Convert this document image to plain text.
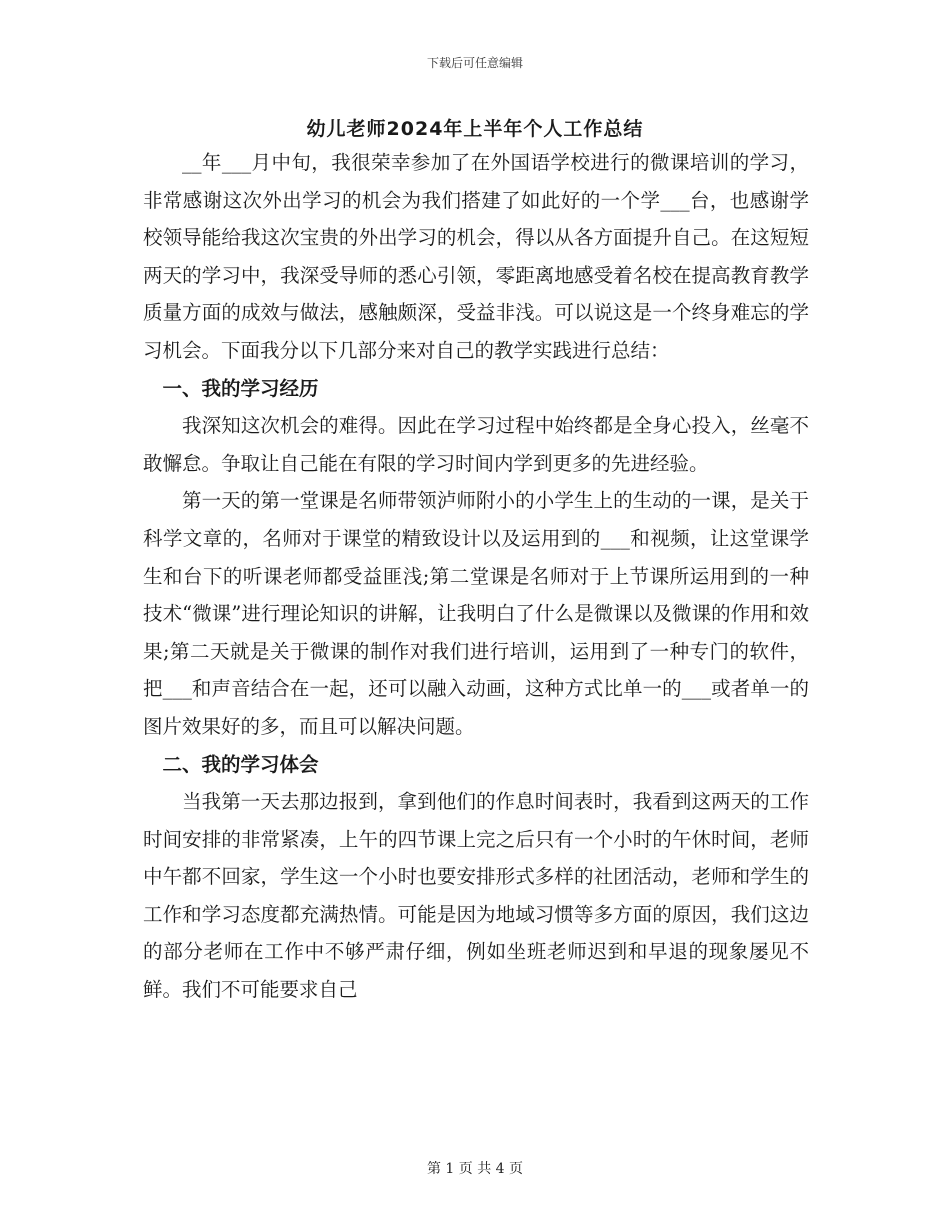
下载后可任意编辑
幼儿老师2024年上半年个人工作总结

__年___月中旬，我很荣幸参加了在外国语学校进行的微课培训的学习，非常感谢这次外出学习的机会为我们搭建了如此好的一个学___台，也感谢学校领导能给我这次宝贵的外出学习的机会，得以从各方面提升自己。在这短短两天的学习中，我深受导师的悉心引领，零距离地感受着名校在提高教育教学质量方面的成效与做法，感触颇深，受益非浅。可以说这是一个终身难忘的学习机会。下面我分以下几部分来对自己的教学实践进行总结：

一、我的学习经历

我深知这次机会的难得。因此在学习过程中始终都是全身心投入，丝毫不敢懈怠。争取让自己能在有限的学习时间内学到更多的先进经验。

第一天的第一堂课是名师带领泸师附小的小学生上的生动的一课，是关于科学文章的，名师对于课堂的精致设计以及运用到的___和视频，让这堂课学生和台下的听课老师都受益匪浅;第二堂课是名师对于上节课所运用到的一种技术“微课”进行理论知识的讲解，让我明白了什么是微课以及微课的作用和效果;第二天就是关于微课的制作对我们进行培训，运用到了一种专门的软件，把___和声音结合在一起，还可以融入动画，这种方式比单一的___或者单一的图片效果好的多，而且可以解决问题。

二、我的学习体会

当我第一天去那边报到，拿到他们的作息时间表时，我看到这两天的工作时间安排的非常紧凑，上午的四节课上完之后只有一个小时的午休时间，老师中午都不回家，学生这一个小时也要安排形式多样的社团活动，老师和学生的工作和学习态度都充满热情。可能是因为地域习惯等多方面的原因，我们这边的部分老师在工作中不够严肃仔细，例如坐班老师迟到和早退的现象屡见不鲜。我们不可能要求自己

第 1 页 共 4 页
